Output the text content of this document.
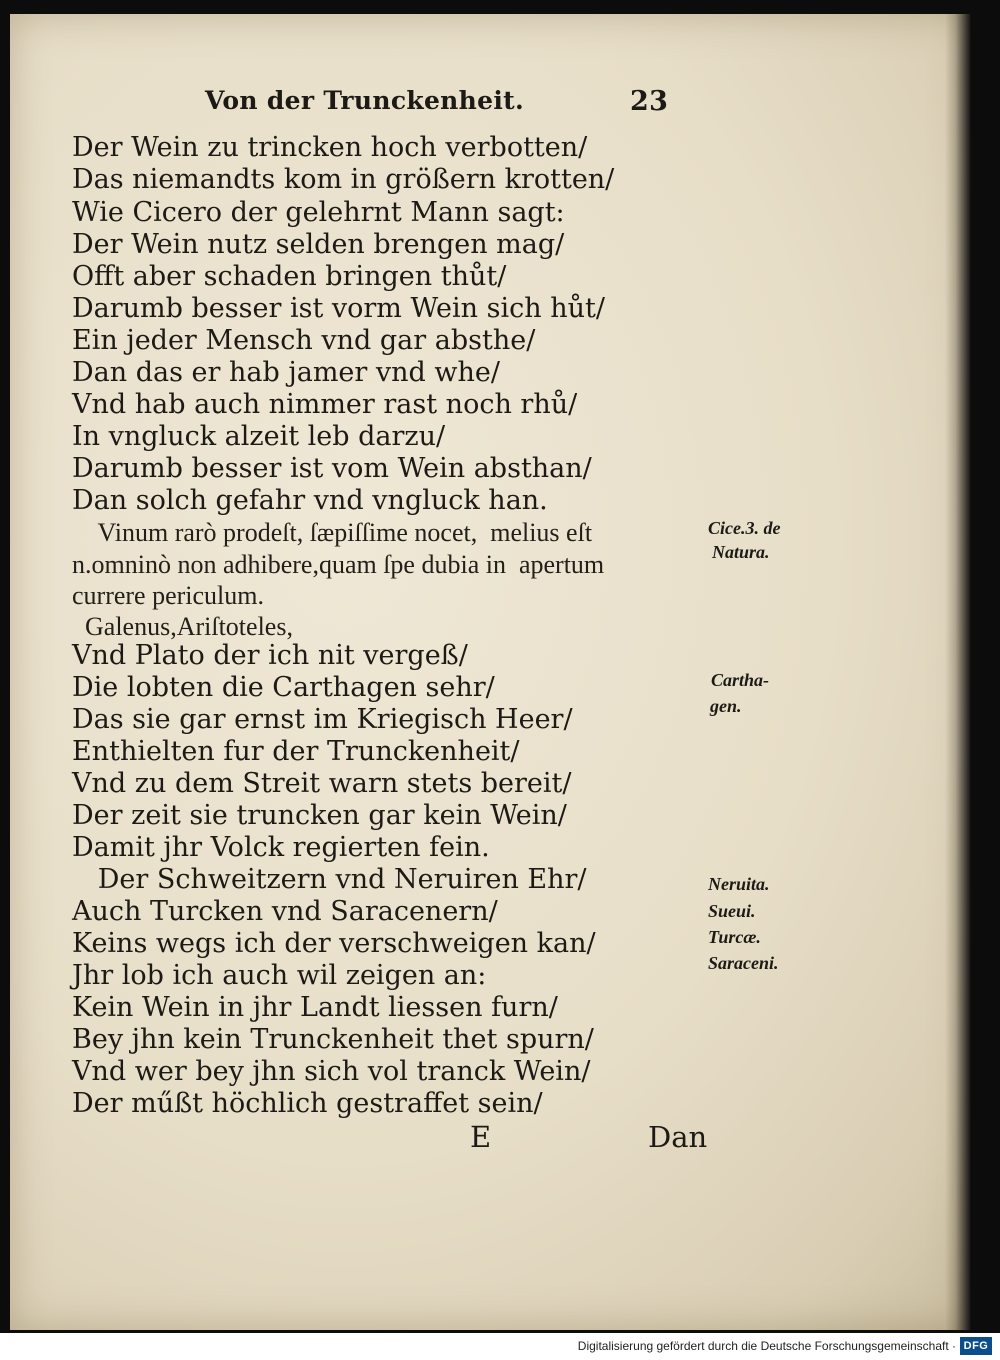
Von der Trunckenheit.	23
Der Wein zu trincken hoch verbotten/
Das niemandts kom in größern krotten/
Wie Cicero der gelehrnt Mann sagt:
Der Wein nutz selden brengen mag/
Offt aber schaden bringen thůt/
Darumb besser ist vorm Wein sich hůt/
Ein jeder Mensch vnd gar absthe/
Dan das er hab jamer vnd whe/
Vnd hab auch nimmer rast noch rhů/
In vngluck alzeit leb darzu/
Darumb besser ist vom Wein absthan/
Dan solch gefahr vnd vngluck han.
Vinum rarò prodeſt, ſæpiſſime nocet,  melius eſt
n.omninò non adhibere,quam ſpe dubia in  apertum
currere periculum.
Galenus,Ariſtoteles,
Vnd Plato der ich nit vergeß/
Die lobten die Carthagen sehr/
Das sie gar ernst im Kriegisch Heer/
Enthielten fur der Trunckenheit/
Vnd zu dem Streit warn stets bereit/
Der zeit sie truncken gar kein Wein/
Damit jhr Volck regierten fein.
Der Schweitzern vnd Neruiren Ehr/
Auch Turcken vnd Saracenern/
Keins wegs ich der verschweigen kan/
Jhr lob ich auch wil zeigen an:
Kein Wein in jhr Landt liessen furn/
Bey jhn kein Trunckenheit thet spurn/
Vnd wer bey jhn sich vol tranck Wein/
Der műßt höchlich gestraffet sein/
Cice.3. de
Natura.
Cartha-
gen.
Neruita.
Sueui.
Turcæ.
Saraceni.
E	Dan
Digitalisierung gefördert durch die Deutsche Forschungsgemeinschaft · DFG
